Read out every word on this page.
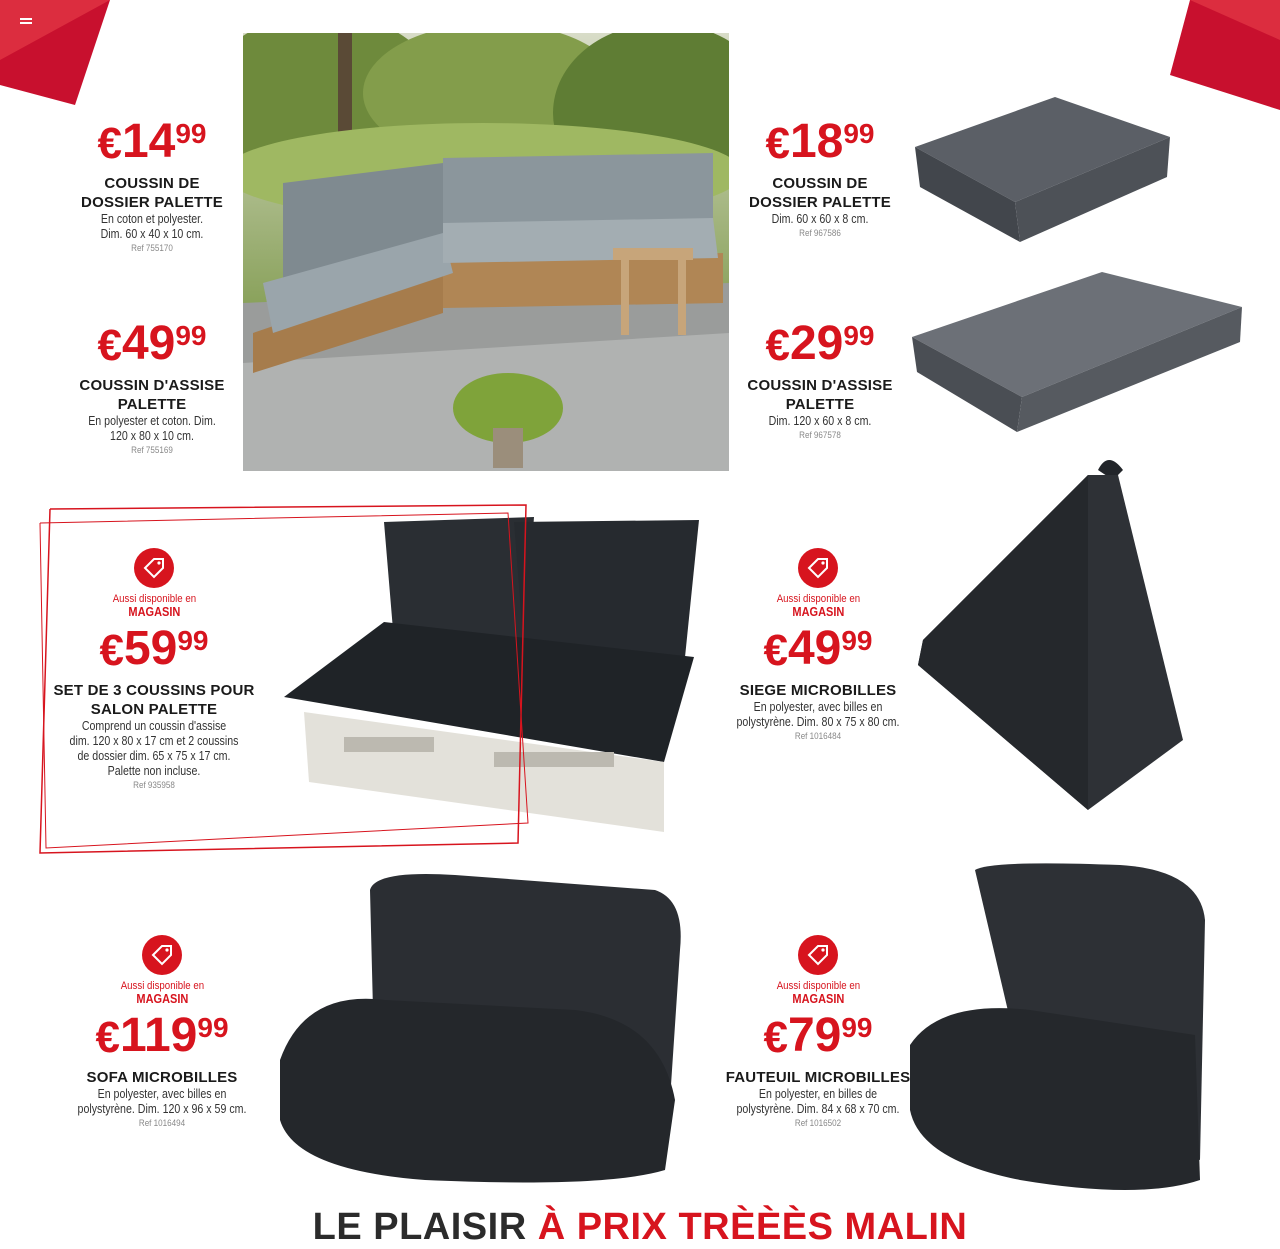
€1499
COUSSIN DE
DOSSIER PALETTE
En coton et polyester.
Dim. 60 x 40 x 10 cm.
Ref 755170
€4999
COUSSIN D'ASSISE
PALETTE
En polyester et coton. Dim.
120 x 80 x 10 cm.
Ref 755169
€1899
COUSSIN DE
DOSSIER PALETTE
Dim. 60 x 60 x 8 cm.
Ref 967586
€2999
COUSSIN D'ASSISE
PALETTE
Dim. 120 x 60 x 8 cm.
Ref 967578
Aussi disponible en
MAGASIN
€5999
SET DE 3 COUSSINS POUR
SALON PALETTE
Comprend un coussin d'assise
dim. 120 x 80 x 17 cm et 2 coussins
de dossier dim. 65 x 75 x 17 cm.
Palette non incluse.
Ref 935958
Aussi disponible en
MAGASIN
€4999
SIEGE MICROBILLES
En polyester, avec billes en
polystyrène. Dim. 80 x 75 x 80 cm.
Ref 1016484
Aussi disponible en
MAGASIN
€11999
SOFA MICROBILLES
En polyester, avec billes en
polystyrène. Dim. 120 x 96 x 59 cm.
Ref 1016494
Aussi disponible en
MAGASIN
€7999
FAUTEUIL MICROBILLES
En polyester, en billes de
polystyrène. Dim. 84 x 68 x 70 cm.
Ref 1016502
LE PLAISIR À PRIX TRÈÈÈS MALIN
